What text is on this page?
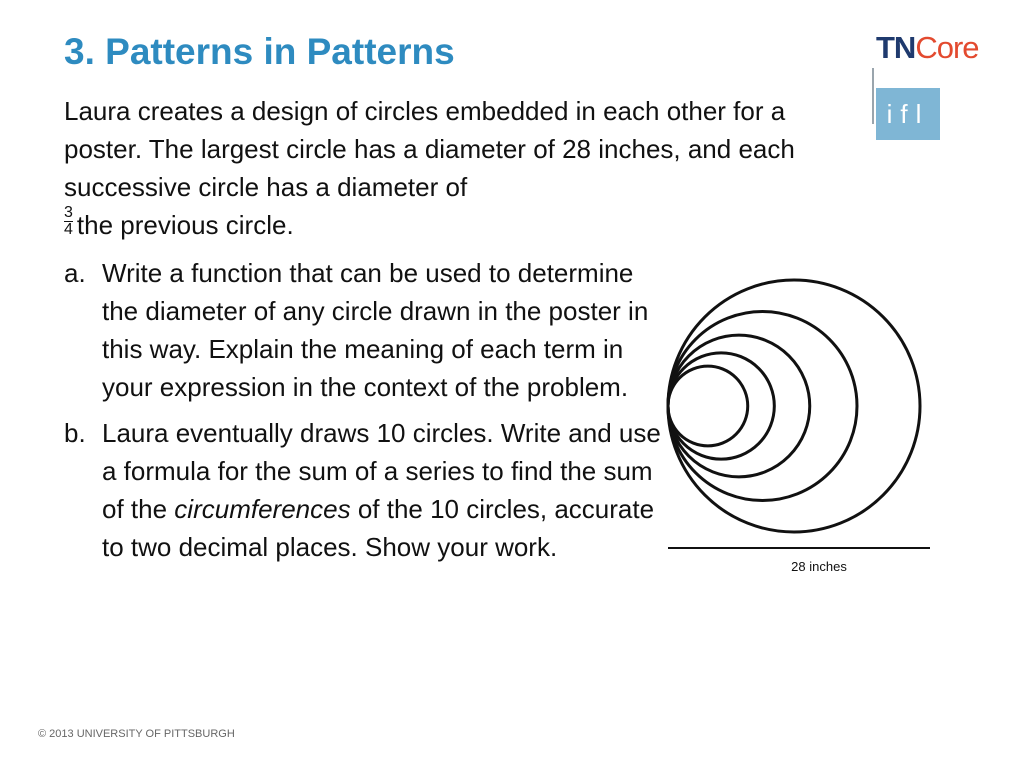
3. Patterns in Patterns	TNCore
ifl

Laura creates a design of circles embedded in each other for a poster. The largest circle has a diameter of 28 inches, and each successive circle has a diameter of

$\frac{3}{4}$ the previous circle.

a. Write a function that can be used to determine the diameter of any circle drawn in the poster in this way. Explain the meaning of each term in your expression in the context of the problem.
b. Laura eventually draws 10 circles. Write and use a formula for the sum of a series to find the sum of the circumferences of the 10 circles, accurate to two decimal places. Show your work.
28 inches
© 2013 UNIVERSITY OF PITTSBURGH
